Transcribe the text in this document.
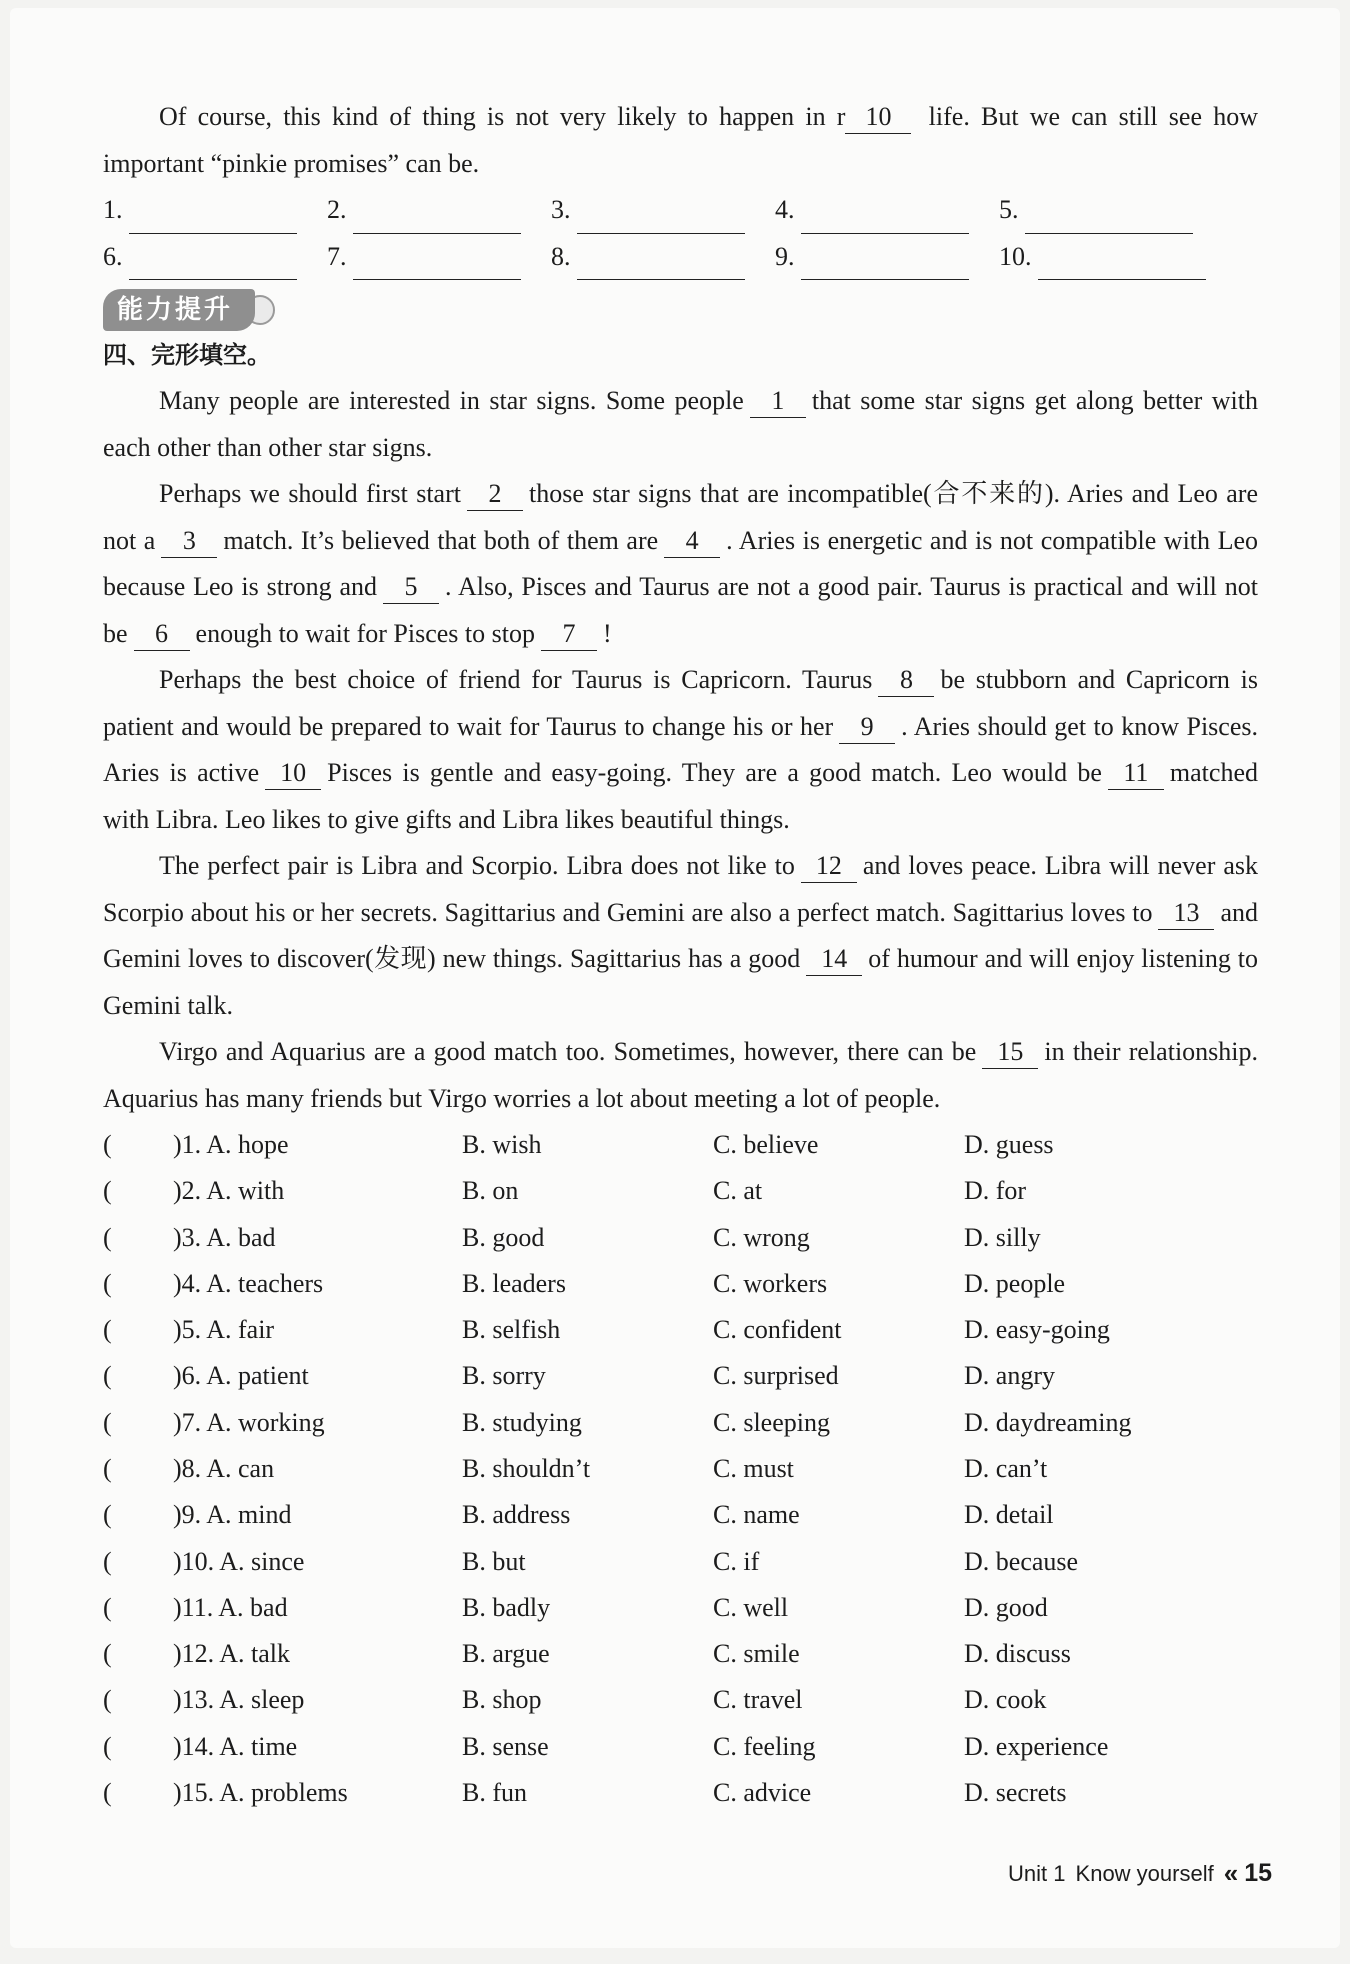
Of course, this kind of thing is not very likely to happen in r 10 life. But we can still see how important “pinkie promises” can be.

1.	2.	3.	4.	5.
6.	7.	8.	9.	10.
能力提升
四、完形填空。

Many people are interested in star signs. Some people 1 that some star signs get along better with each other than other star signs.

Perhaps we should first start 2 those star signs that are incompatible(合不来的). Aries and Leo are not a 3 match. It’s believed that both of them are 4 . Aries is energetic and is not compatible with Leo because Leo is strong and 5 . Also, Pisces and Taurus are not a good pair. Taurus is practical and will not be 6 enough to wait for Pisces to stop 7 !

Perhaps the best choice of friend for Taurus is Capricorn. Taurus 8 be stubborn and Capricorn is patient and would be prepared to wait for Taurus to change his or her 9 . Aries should get to know Pisces. Aries is active 10 Pisces is gentle and easy-going. They are a good match. Leo would be 11 matched with Libra. Leo likes to give gifts and Libra likes beautiful things.

The perfect pair is Libra and Scorpio. Libra does not like to 12 and loves peace. Libra will never ask Scorpio about his or her secrets. Sagittarius and Gemini are also a perfect match. Sagittarius loves to 13 and Gemini loves to discover(发现) new things. Sagittarius has a good 14 of humour and will enjoy listening to Gemini talk.

Virgo and Aquarius are a good match too. Sometimes, however, there can be 15 in their relationship. Aquarius has many friends but Virgo worries a lot about meeting a lot of people.

(	)1. A. hope	B. wish	C. believe	D. guess
(	)2. A. with	B. on	C. at	D. for
(	)3. A. bad	B. good	C. wrong	D. silly
(	)4. A. teachers	B. leaders	C. workers	D. people
(	)5. A. fair	B. selfish	C. confident	D. easy-going
(	)6. A. patient	B. sorry	C. surprised	D. angry
(	)7. A. working	B. studying	C. sleeping	D. daydreaming
(	)8. A. can	B. shouldn’t	C. must	D. can’t
(	)9. A. mind	B. address	C. name	D. detail
(	)10. A. since	B. but	C. if	D. because
(	)11. A. bad	B. badly	C. well	D. good
(	)12. A. talk	B. argue	C. smile	D. discuss
(	)13. A. sleep	B. shop	C. travel	D. cook
(	)14. A. time	B. sense	C. feeling	D. experience
(	)15. A. problems	B. fun	C. advice	D. secrets
Unit 1 Know yourself « 15
